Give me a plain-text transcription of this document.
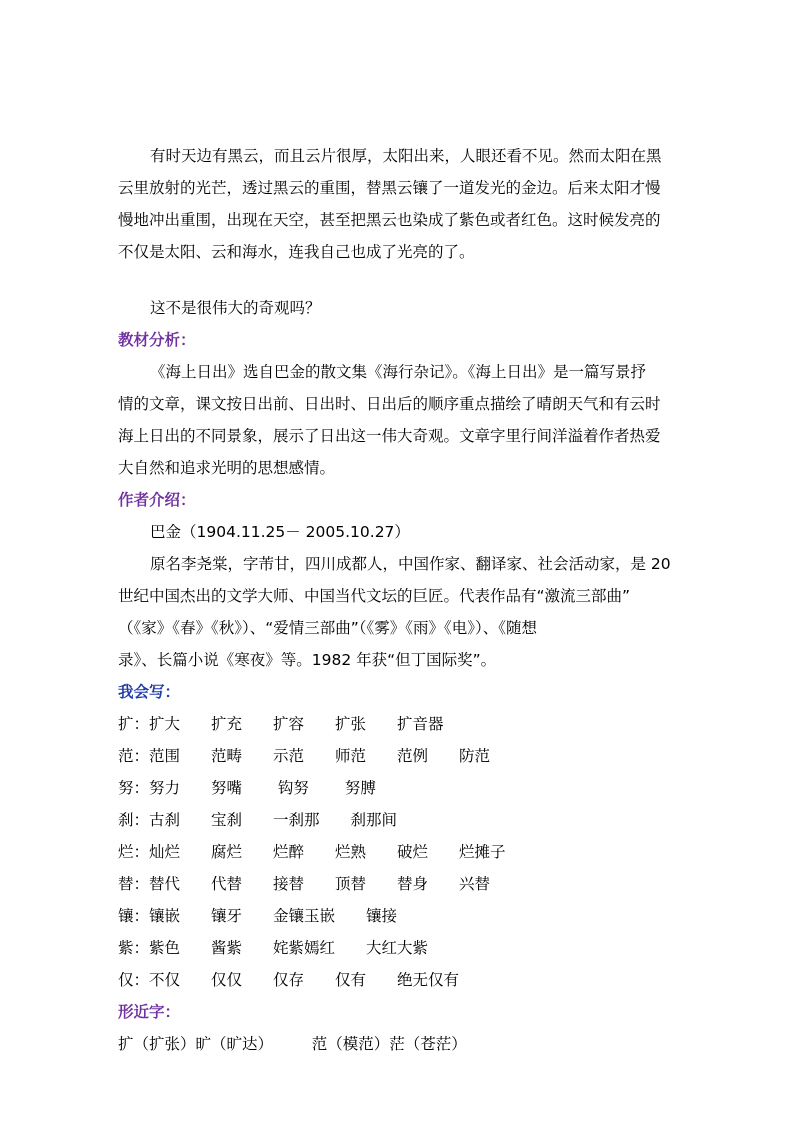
有时天边有黑云，而且云片很厚，太阳出来，人眼还看不见。然而太阳在黑
云里放射的光芒，透过黑云的重围，替黑云镶了一道发光的金边。后来太阳才慢
慢地冲出重围，出现在天空，甚至把黑云也染成了紫色或者红色。这时候发亮的
不仅是太阳、云和海水，连我自己也成了光亮的了。
这不是很伟大的奇观吗？
教材分析：
《海上日出》选自巴金的散文集《海行杂记》。《海上日出》是一篇写景抒
情的文章，课文按日出前、日出时、日出后的顺序重点描绘了晴朗天气和有云时
海上日出的不同景象，展示了日出这一伟大奇观。文章字里行间洋溢着作者热爱
大自然和追求光明的思想感情。
作者介绍：
巴金（1904.11.25－ 2005.10.27）
原名李尧棠，字芾甘，四川成都人，中国作家、翻译家、社会活动家，是 20
世纪中国杰出的文学大师、中国当代文坛的巨匠。代表作品有“激流三部曲”
（《家》《春》《秋》）、“爱情三部曲”（《雾》《雨》《电》）、《随想
录》、长篇小说《寒夜》等。1982 年获“但丁国际奖”。
我会写：
扩：扩大　　扩充　　扩容　　扩张　　扩音器
范：范围　　范畴　　示范　　师范　　范例　　防范
努：努力　　努嘴　　 钩努　　 努膊
刹：古刹　　宝刹　　一刹那　　刹那间
烂：灿烂　　腐烂　　烂醉　　烂熟　　破烂　　烂摊子
替：替代　　代替　　接替　　顶替　　替身　　兴替
镶：镶嵌　　镶牙　　金镶玉嵌　　镶接
紫：紫色　　酱紫　　姹紫嫣红　　大红大紫
仅：不仅　　仅仅　　仅存　　仅有　　绝无仅有
形近字：
扩（扩张）旷（旷达）　　　范（模范）茫（苍茫）
